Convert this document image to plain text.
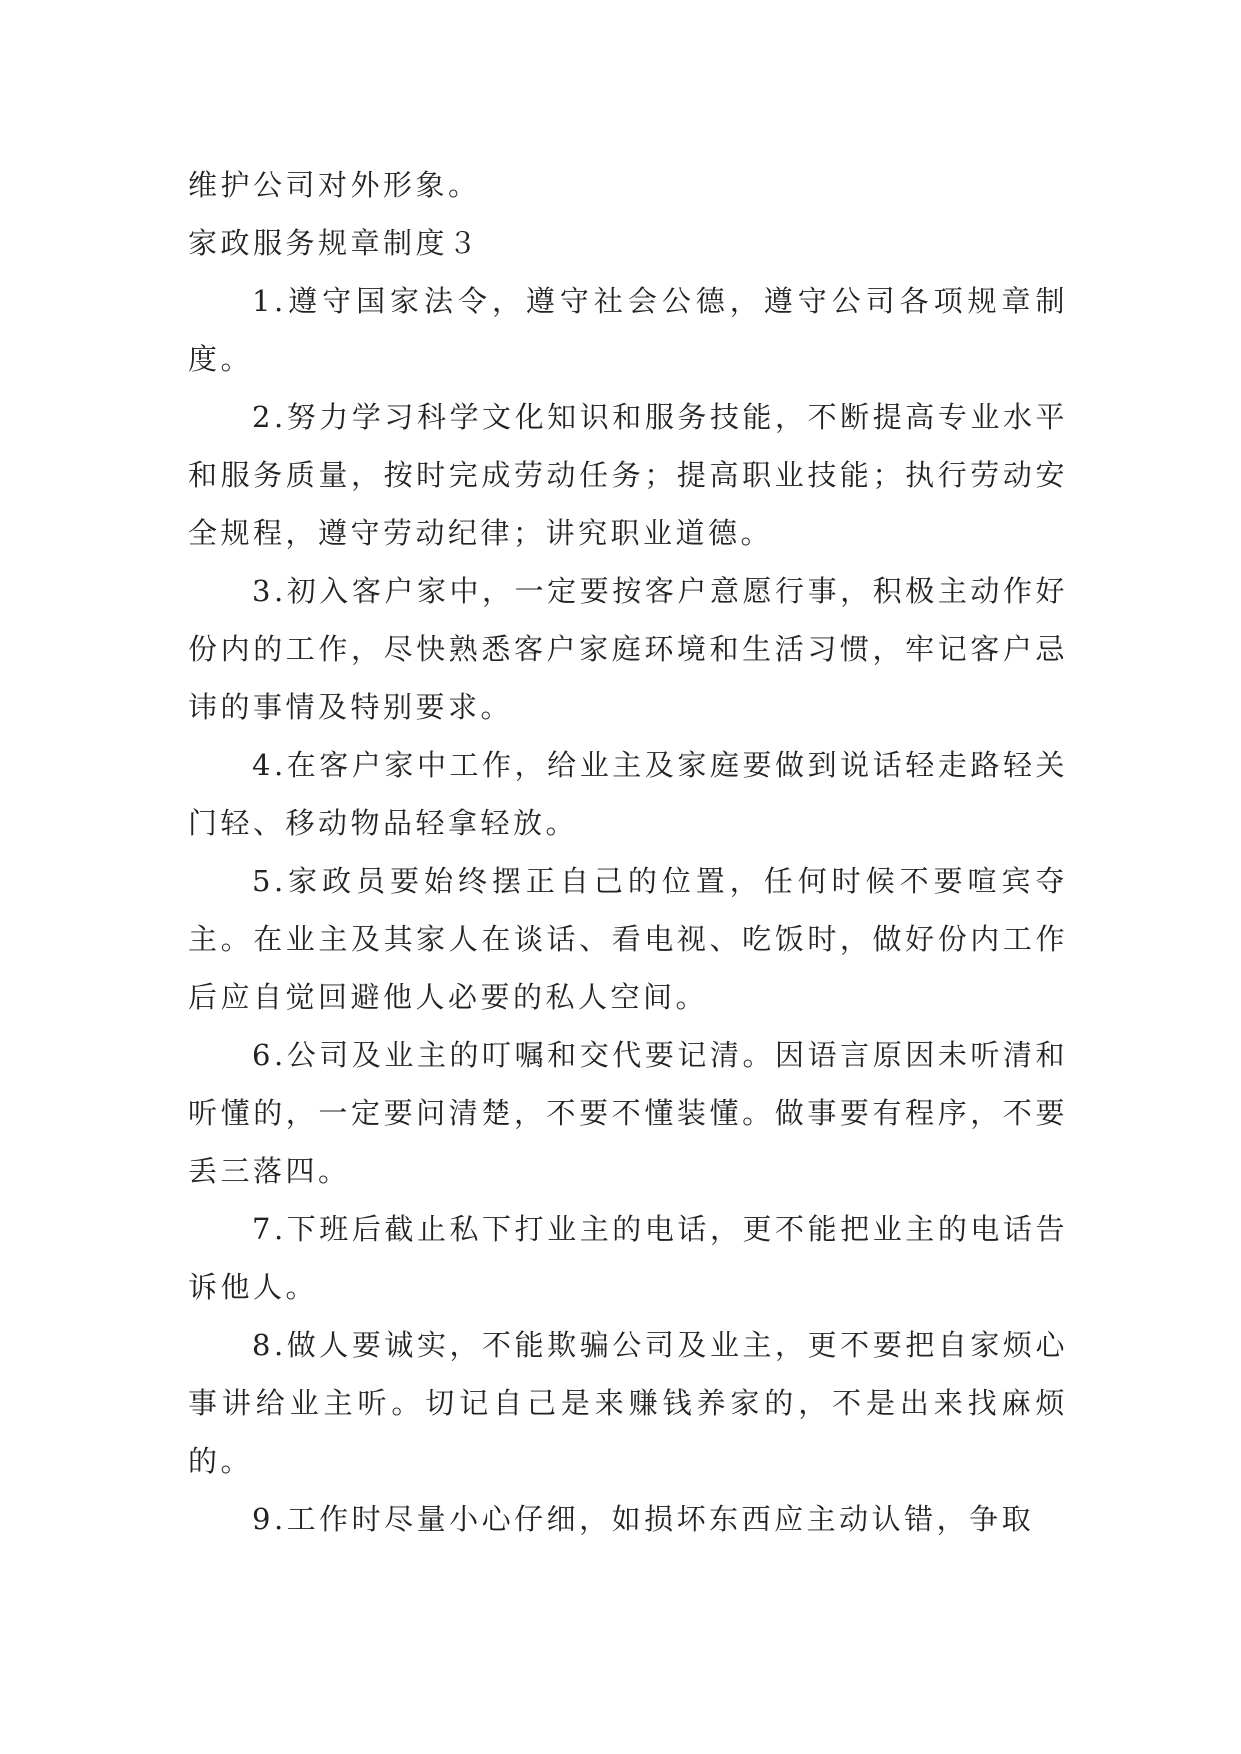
维护公司对外形象。

家政服务规章制度３

1.遵守国家法令，遵守社会公德，遵守公司各项规章制度。

2.努力学习科学文化知识和服务技能，不断提高专业水平和服务质量，按时完成劳动任务；提高职业技能；执行劳动安全规程，遵守劳动纪律；讲究职业道德。

3.初入客户家中，一定要按客户意愿行事，积极主动作好份内的工作，尽快熟悉客户家庭环境和生活习惯，牢记客户忌讳的事情及特别要求。

4.在客户家中工作，给业主及家庭要做到说话轻走路轻关门轻、移动物品轻拿轻放。

5.家政员要始终摆正自己的位置，任何时候不要喧宾夺主。在业主及其家人在谈话、看电视、吃饭时，做好份内工作后应自觉回避他人必要的私人空间。

6.公司及业主的叮嘱和交代要记清。因语言原因未听清和听懂的，一定要问清楚，不要不懂装懂。做事要有程序，不要丢三落四。

7.下班后截止私下打业主的电话，更不能把业主的电话告诉他人。

8.做人要诚实，不能欺骗公司及业主，更不要把自家烦心事讲给业主听。切记自己是来赚钱养家的，不是出来找麻烦的。

9.工作时尽量小心仔细，如损坏东西应主动认错，争取
